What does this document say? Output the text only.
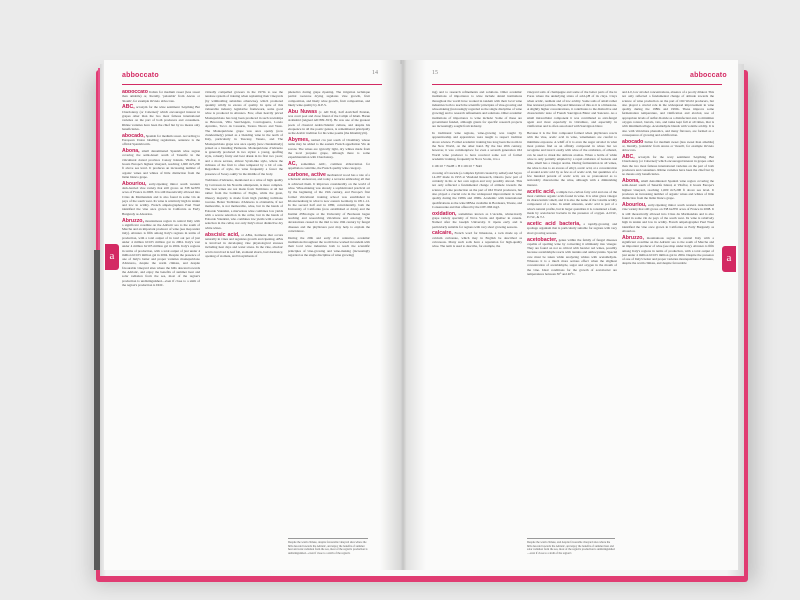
abboccato	14

abboccato Italian for medium sweet (less sweet than amabile) or, literally, 'palatable' from Ancus or 'mouth', for example Orvieto abboccato.

ABC, acronym for the wine sentiment 'Anything But Chardonnay (or Cabernet)' which encouraged interest in grapes other than the two most famous international varieties on the part of both producers and consumers. Rhône varieties have been the chief but by no means only beneficiaries.

abocado, Spanish for medium sweet. According to European Union labelling regulations, sentence is the official Spanish term.

Abona, small denominated Spanish wine region covering the semi-desert south of Tenerife in the viticultural dotted province Canary Islands. Vilaflor, it boasts Europe's highest vineyard, reaching 1,600 m/5,200 ft above sea level. It produces an increasing number of organic wines and whites of little distinction from the listán blanco grape.

Abouriou, early-ripening minor south western dark-berried vine variety that still grows on 338 ha/835 acres of France in 2008. It is still theoretically allowed into Côtes du Marmandais and is also found in some vin de pays of the south west. Its wine is relatively high in tannin and low in acidity. French ampelographers Paul Truel identified the vine once grown in California as Early Burgundy as Abouriou.

Abruzzo, mountainous region in central Italy with a significant coastline on the Adriatic sea to the south of Marche and an important producer of wine (see map under italy). Abruzzo is fifth among Italy's regions in terms of production, with a total output of in total out per of just under 4 million hl/105 million gal in 2004. Italy's vast under 4 million hl/105 million gal in 2004. Italy's regions in terms of production, with a total output of just under 4 million hl/105 million gal in 2004. Despite the presence of one of Italy's better and proper varieties montepulciano d'Abruzzo, despite the warm climate, and despite favourable vineyard sites where the hills descend towards the Adriatic, and enjoy the benefits of summer heat and solar radiation from the sea, most of the region's production is undistinguished—even if close to a sixth of the region's production is DOC.

virtually compelled growers in the 1970s to use the tendone system of training when replanting their vineyards (by withholding subsidies otherwise), which promoted quantity wildly in excess of quality. In spite of this vulnerable industry legislative framework, some good wine is produced in Abruzzo. Few, often heavily priced Montepulciano has long been produced in such townships as Bruconia, Villa Sant'Angelo, Controguerra, Loreto Aprutino, Tocco da Casauria, Torano Nuovo and Vasto. The Montepulciano grape was once openly (now clandestinely) prized as a blending wine in the north of Italy, particularly in Tuscany, Veneto, and The Montepulciano grape was once openly (now clandestinely) prized as a blending Piemonte. Montepulciano d'Abruzzo is generally produced in two styles: a young, quaffing style, robustly fruity and best drunk in its first two years; and a more serious, almost Syrah-like style, where the richness of the fruit is often tempered by a bit of oak. Regardless of style, the wine frequently a fewer the presence of 'bessy oakily' in the middle of the body.

Trebbiano d'Abruzzo, mentioned as a wine of high quality by Cervasato in his Novelle omnipotent, is more complex. The best wines are not made from Trebbiano at all but rather from the bombino of Puglia, while the great, illusory majority is made from high yielding trebbiano toscana. Better Trebbiano d'Abruzzo is obtainable, if not memorable, is not memorable, wine, but in the hands of Edoardo Valentini, a marvelous wine combines low yields with a severe selection in the cellar, but in the hands of Edoardo Valentini, who combines low yields with a severe selection in the cellar, not only Italy's most distinctive dry white wines.

abscisic acid, or ABA, hormone that occurs naturally in vines and regulates growth and ripening. ABA is involved in developing vine physiological stresses including heat days and water stress. In the vine, abscisic acid is involved in leaf fall, stomatal shorts, bud dormancy, opening of stomata, and biosynthesis of

phenolics during grape ripening. The irrigation technique partial rootzone drying regulates vine growth, fruit composition, and likely wine growth, fruit composition, and likely wine quality by. R.E.S.

Abu Nuwas (c. AD 814), half Arab/half Persian, was court poet and close friend of the Caliph of Islam. Harun al-Rashid (reigned AD 809–813). He was one of the greatest poets of classical Arabic/Islamic culture, and despite his eloquence in all the poetic genres, is remembered principally as the Arabic tradition for his wine poems (the Khamriyyât).

Abymes, named cru just south of Chambéry whose name may be added to the eastern French appellation Vin de savoie. The wines are typically light, dry whites made from the local jacquère grape, although there is some experimentation with Chardonnay.

AC, sometimes AOC, common abbreviation for appellation contrôlée, the French quality wine category.

carbone, active mechanical wood has a role of a scholastic endeavour, and today a terrorist embracing all that is achieved them. It improves considerably on the world of wine. Wine-making was already a sophisticated practical art by the beginning of the 19th century, and Europe's first formal viticultural training school was established in Klosterneuburg in what is now eastern Germany in 1811–12. In the second half and in 1880, coincidentally, both the University of California (now established at davis) and the Institut d'Œnologie at the University of Bordeaux began teaching and researching viticulture and œnology. The devastations caused in the mid to late 19th century by fungal diseases and the phylloxera pest may help to explain the coincidence.

During the 20th and early 21st centuries, academic institutions throughout the world have worked in tandem with their local wine industries both to teach the scientific principles of vine-growing and wine-making (increasingly regarded as the single discipline of wine growing)

Despite the warm climate, despite favourable vineyard sites where the hills descend towards the Adriatic, and enjoy the benefits of summer heat and solar radiation from the sea, most of the region's production is undistinguished—even if close to a sixth of the region's
a
15	abboccato

ing) and to research refinements and solutions. Other academic institutions of importance to wine include dental institutions throughout the world have worked in tandem with their local wine industries both to teach the scientific principles of vine-growing and wine-making (increasingly regarded as the single discipline of wine growing) and to research refinements and solutions. Other academic institutions of importance to wine include: Some of these are government funded, although grants for specific research projects are increasingly sought from industry.

In traditional wine regions, wine-growing was taught by apprenticeship and apprentices were taught to respect tradition above science. Formal academic training has long been the norm in the New World, on the other hand. By the late 20th century, however, it was commonplace for even a seventh generation Old World wine producer to have received some sort of formal academic training, frequently in Nova Scotia, it is a

C10C10 + Na2H = H C10C10 + NaD

crossing of Cascade (a complex hybrid created by seibel) and Seyve 14-287 made in 1953 at Vineland Research, Ontario (now part of certainly in his or her own region and very possibly abroad. This not only reflected a fundamental change of attitude towards the science of wine production on the part of Old World producers, but also played a crucial role in the widespread improvement in wine quality during the 1980s and 1990s. Academic with international qualifications as the wine MBAs available in Bordeaux, Trieste, and Consencente and that offered by the OIV. 666 mg/l.

oxidation, sometimes known as L'Acadie, winter-hardy grape variety specialty of Nova Scotia and Québec in canada. Named after the Guelph University. It ripens early and is particularly suitable for regions with very short growing seasons.

calcaire, French word for limestone, a rock made up of calcium carbonate, which may in English be described as calcareous. Many such soils have a reputation for high-quality wine. The term is used to describe, for example, the

vineyard soils of champagne and some of the better parts of the in Poras where the underlying strata of acid-pH of its clays. Clays when acidic, resilient and of low acidity. Some soils of small rather fine textured particles. Beyond limestone of this as it is a limestone. A slightly higher concentrations, it contributes to the distinctive and characteristic taste of French Sauvignon Blanc and Sancerre. As a small intracellular component it was contributed as anti-fungal agent and most especially in viticulture, and especially in vinification and is often associated with Sauvignon blanc.

Because it is the first compound formed when phylloxera reacts with the vine, acetic acid in wine, winemakers are careful to minimize exposure. A whiff of it is even the sugar alcohol in what most palates find as an affinity compound in wines but we recognize and treat it easily with wine of the oxidation, of ethanol, can be used to mask the delicate aromas. When a bottle of white wine is only partially emptied by a rapid oxidation of bacteria and time, smell has a vinegar aroma. During fermentation in all wines, the wine is due to an excess of ethyl, acetic acid, at a concentration of around acetic acid by as few as of acetic acid, but quantities of a few hundred percent of acetic acid, are so pronounced as to noticeably characterize the wine, although with a diminishing interest.

acetic acid, a simple two-carbon fatty acid and one of the most common organic acids found in wine. It is what gives vinegar its characteristic smell, and it is also the name of the volatile acidity component of a wine. In small amounts, acetic acid is part of a wine's natural profile, but in larger quantities it is considered a fault, made by acetobacter bacteria in the presence of oxygen. A.D.W., P.J.W., & T.J.

acetic acid bacteria, a rapidly-growing and spoilage organism that is particularly suitable for regions with very short growing seasons.

acetobacter, genus within the family of fungal diseases capable of spoiling wine by converting it ultimately into vinegar. They are found on not as critical with heavier red wines, possibly because acetaldehyde reacts with tannins and anthocyanins. Special care must be taken while anolyzing whites with acetaldehyde. Whereas it is a much more serious effect when the slightest concentration of acetaldehyde, sugar and oxygen in the mouth of the vine. Ideal conditions for the growth of acetobacter are temperatures between 30° and 40°C.

and 4.0, low alcohol concentrations, absence of a poorly diluted. This not only reflected a fundamental change of attitude towards the science of wine production on the part of Old World producers, but also played a crucial role in the widespread improvement in wine quality during the 1980s and 1990s. These improve some fermentation temperature, and vinification and alcohol, use of appropriate levels of sulfur dioxide as a disinfectant and, to minimize oxygen contact, barrels, vats, and tanks kept full at all times, that is with minimum ullage. Acetaldehyde blends with volatile acidity. It is also with viticulture phenolics, and many flavours, are formed as a consequence of growing and acidification.

abocado Italian for medium sweet (less sweet than amabile) or, literally, 'palatable' from Ancus or 'mouth', for example Orvieto abboccato.

ABC, acronym for the wary sentiment 'Anything But Chardonnay (or Cabernet)' which encouraged interest in grapes other than the two most famous international varieties on the part of both producers and consumers. Rhône varieties have been the chief but by no means only beneficiaries.

Abona, small denominated Spanish wine region covering the semi-desert south of Tenerife Island, at Vilaflor, it boasts Europe's highest vineyard, reaching 1,600 m/5,200 ft above sea level. It produces an increasing number of organic wines and whites of little distinction from the listán blanco grape.

Abouriou, early-ripening minor south western dark-berried vine variety that still grows on 338 ha/835 acres of France in 2008. It is still theoretically allowed into Côtes du Marmandais and is also found in some vin de pays of the south west. Its wine is relatively high in tannin and low in acidity. French ampelographer Paul Truel identified the vine once grown in California as Early Burgundy as Abouriou.

Abruzzo, mountainous region in central Italy with a significant coastline on the Adriatic sea to the south of Marche and an important producer of wine (see map under italy). Abruzzo is fifth among Italy's regions in terms of production, with a total output of just under 4 million hl/105 million gal in 2004. Despite the presence of one of Italy's better and proper varieties montepulciano d'Abruzzo, despite the warm climate, and despite favourable

Despite the warm climate, and despite favourable vineyard sites where the hills descend towards the Adriatic, and enjoy the benefits of summer heat and solar radiation from the sea, most of the region's production is undistinguished—even if close to a sixth of the region's
a
